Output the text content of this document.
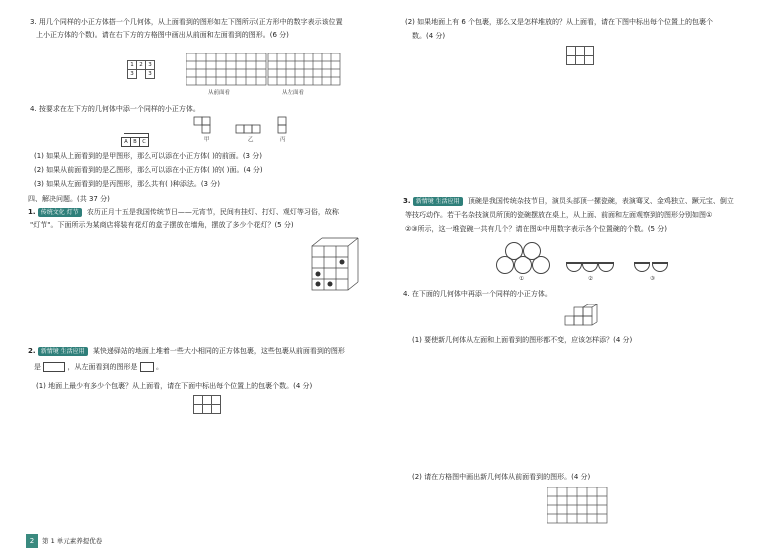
3. 用几个同样的小正方体搭一个几何体，从上面看到的图形如左下图所示(正方形中的数字表示该位置
上小正方体的个数)。请在右下方的方格图中画出从前面和左面看到的图形。(6 分)
1	2	3
3		3
从前面看	从左面看
4. 按要求在左下方的几何体中添一个同样的小正方体。
A	B	C	甲	乙	丙
(1) 如果从上面看到的是甲图形，那么可以添在小正方体( )的前面。(3 分)
(2) 如果从前面看到的是乙图形，那么可以添在小正方体( )的( )面。(4 分)
(3) 如果从左面看到的是丙图形，那么共有( )种添法。(3 分)
四、解决问题。(共 37 分)
1. 传统文化 灯节 农历正月十五是我国传统节日——元宵节，民间有挂灯、打灯、观灯等习俗，故称
"灯节"。下面所示为某商店将装有花灯的盒子摆放在墙角，摆放了多少个花灯？(5 分)
2. 新情境 生活应用 某快递驿站的地面上堆着一些大小相同的正方体包裹，这些包裹从前面看到的图形
是	，从左面看到的图形是	。
(1) 地面上最少有多少个包裹？从上面看，请在下面中标出每个位置上的包裹个数。(4 分)

2	第 1 单元素养提优卷
(2) 如果地面上有 6 个包裹，那么又是怎样堆放的？从上面看，请在下图中标出每个位置上的包裹个
数。(4 分)

3. 新情境 生活应用 顶碗是我国传统杂技节目，演员头部顶一摞瓷碗，表演骞叉、金鸡独立、蹶元宝、倒立
等技巧动作。若干名杂技演员所顶的瓷碗摆放在桌上，从上面、前面和左面观察到的图形分别如图①
②③所示，这一堆瓷碗一共有几个？请在图①中用数字表示各个位置碗的个数。(5 分)
①	②	③
4. 在下面的几何体中再添一个同样的小正方体。
(1) 要使新几何体从左面和上面看到的图形都不变，应该怎样添？(4 分)
(2) 请在方格图中画出新几何体从前面看到的图形。(4 分)
